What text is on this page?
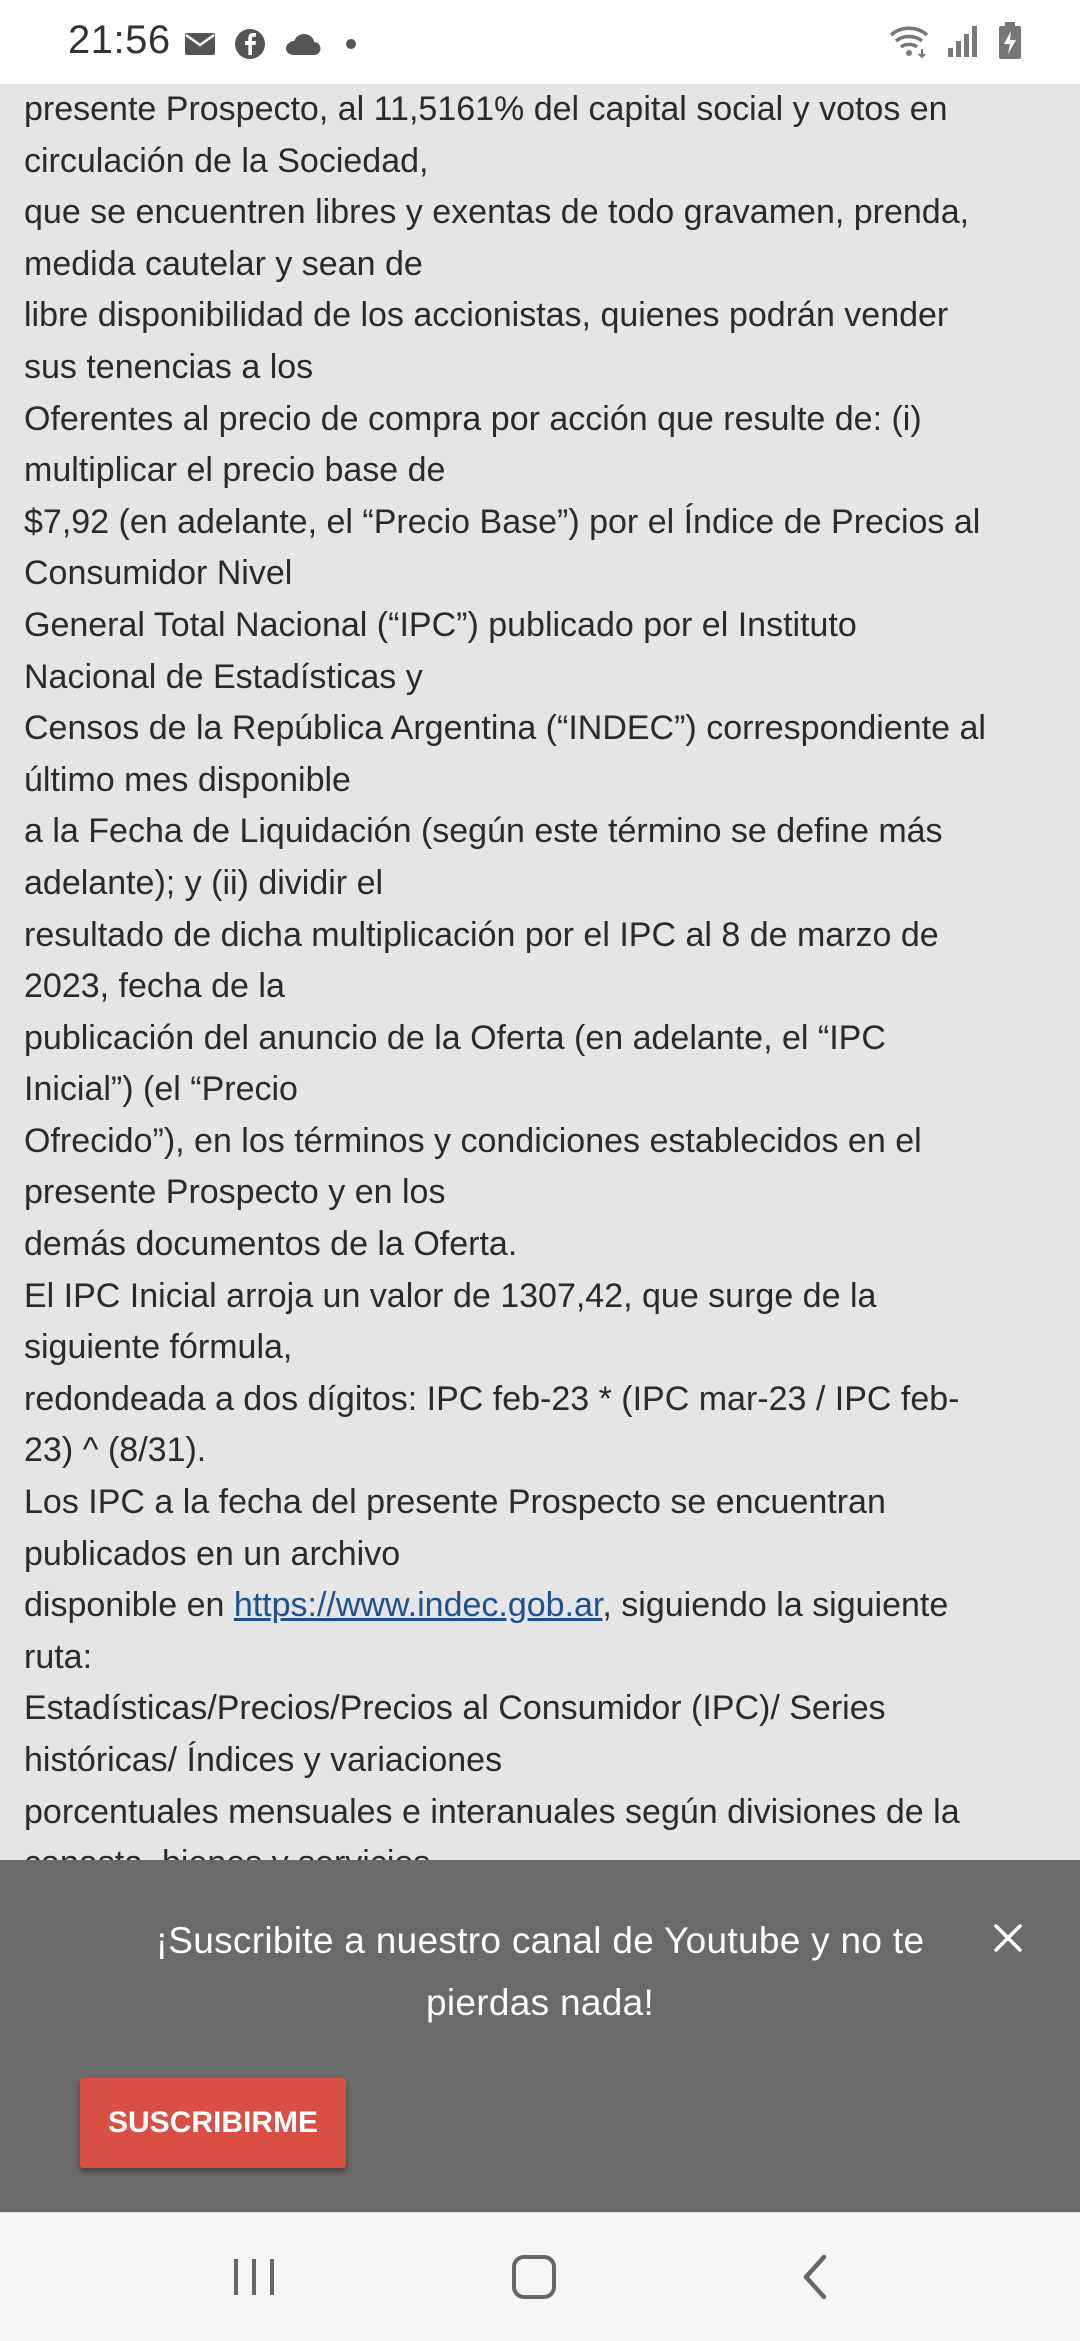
21:56

presente Prospecto, al 11,5161% del capital social y votos en

circulación de la Sociedad,

que se encuentren libres y exentas de todo gravamen, prenda,

medida cautelar y sean de

libre disponibilidad de los accionistas, quienes podrán vender

sus tenencias a los

Oferentes al precio de compra por acción que resulte de: (i)

multiplicar el precio base de

$7,92 (en adelante, el “Precio Base”) por el Índice de Precios al

Consumidor Nivel

General Total Nacional (“IPC”) publicado por el Instituto

Nacional de Estadísticas y

Censos de la República Argentina (“INDEC”) correspondiente al

último mes disponible

a la Fecha de Liquidación (según este término se define más

adelante); y (ii) dividir el

resultado de dicha multiplicación por el IPC al 8 de marzo de

2023, fecha de la

publicación del anuncio de la Oferta (en adelante, el “IPC

Inicial”) (el “Precio

Ofrecido”), en los términos y condiciones establecidos en el

presente Prospecto y en los

demás documentos de la Oferta.

El IPC Inicial arroja un valor de 1307,42, que surge de la

siguiente fórmula,

redondeada a dos dígitos: IPC feb-23 * (IPC mar-23 / IPC feb-

23) ^ (8/31).

Los IPC a la fecha del presente Prospecto se encuentran

publicados en un archivo

disponible en https://www.indec.gob.ar, siguiendo la siguiente

ruta:

Estadísticas/Precios/Precios al Consumidor (IPC)/ Series

históricas/ Índices y variaciones

porcentuales mensuales e interanuales según divisiones de la

¡Suscribite a nuestro canal de Youtube y no te pierdas nada!
SUSCRIBIRME
